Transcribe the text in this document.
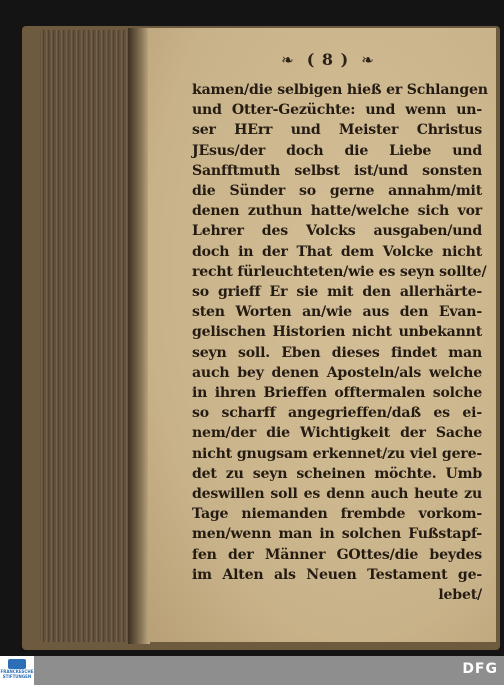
❧ ( 8 ) ❧
kamen/die selbigen hieß er Schlangen
und Otter-Gezüchte: und wenn un-
ser HErr und Meister Christus
JEsus/der doch die Liebe und
Sanfftmuth selbst ist/und sonsten
die Sünder so gerne annahm/mit
denen zuthun hatte/welche sich vor
Lehrer des Volcks ausgaben/und
doch in der That dem Volcke nicht
recht fürleuchteten/wie es seyn sollte/
so grieff Er sie mit den allerhärte-
sten Worten an/wie aus den Evan-
gelischen Historien nicht unbekannt
seyn soll. Eben dieses findet man
auch bey denen Aposteln/als welche
in ihren Brieffen offtermalen solche
so scharff angegrieffen/daß es ei-
nem/der die Wichtigkeit der Sache
nicht gnugsam erkennet/zu viel gere-
det zu seyn scheinen möchte. Umb
deswillen soll es denn auch heute zu
Tage niemanden frembde vorkom-
men/wenn man in solchen Fußstapf-
fen der Männer GOttes/die beydes
im Alten als Neuen Testament ge-
lebet/
FRANCKESCHE STIFTUNGEN	DFG
